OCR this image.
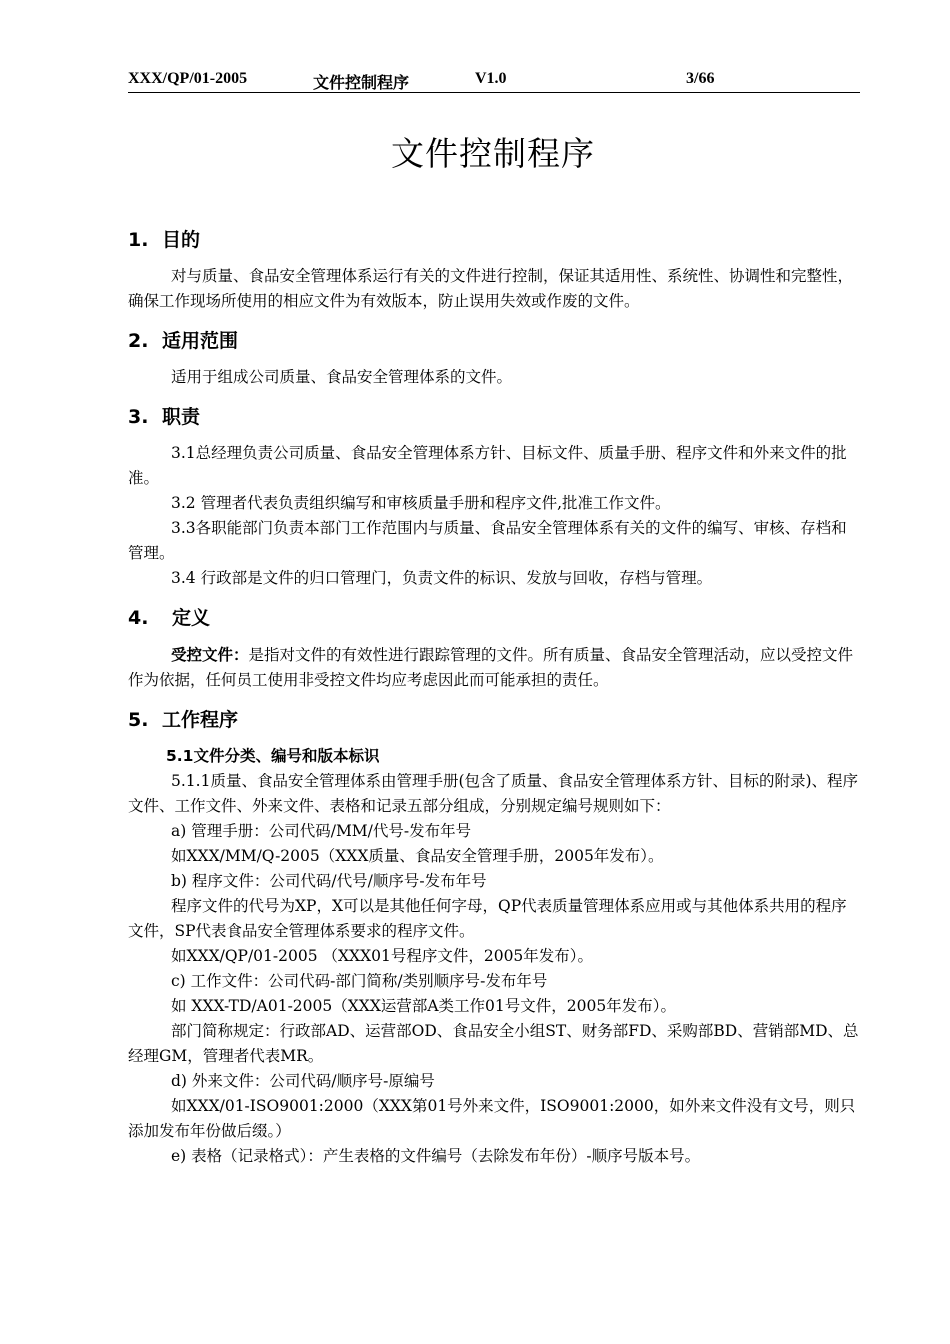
XXX/QP/01-2005	文件控制程序	V1.0	3/66
文件控制程序
1. 目的

对与质量、食品安全管理体系运行有关的文件进行控制，保证其适用性、系统性、协调性和完整性，确保工作现场所使用的相应文件为有效版本，防止误用失效或作废的文件。

2. 适用范围

适用于组成公司质量、食品安全管理体系的文件。

3. 职责

3.1总经理负责公司质量、食品安全管理体系方针、目标文件、质量手册、程序文件和外来文件的批准。

3.2 管理者代表负责组织编写和审核质量手册和程序文件,批准工作文件。

3.3各职能部门负责本部门工作范围内与质量、食品安全管理体系有关的文件的编写、审核、存档和管理。

3.4 行政部是文件的归口管理门，负责文件的标识、发放与回收，存档与管理。

4. 定义

受控文件：是指对文件的有效性进行跟踪管理的文件。所有质量、食品安全管理活动，应以受控文件作为依据，任何员工使用非受控文件均应考虑因此而可能承担的责任。

5. 工作程序
5.1文件分类、编号和版本标识

5.1.1质量、食品安全管理体系由管理手册(包含了质量、食品安全管理体系方针、目标的附录)、程序文件、工作文件、外来文件、表格和记录五部分组成，分别规定编号规则如下：

a) 管理手册：公司代码/MM/代号-发布年号

如XXX/MM/Q-2005（XXX质量、食品安全管理手册，2005年发布）。

b) 程序文件：公司代码/代号/顺序号-发布年号

程序文件的代号为XP，X可以是其他任何字母，QP代表质量管理体系应用或与其他体系共用的程序文件，SP代表食品安全管理体系要求的程序文件。

如XXX/QP/01-2005 （XXX01号程序文件，2005年发布）。

c) 工作文件：公司代码-部门简称/类别顺序号-发布年号

如 XXX-TD/A01-2005（XXX运营部A类工作01号文件，2005年发布）。

部门简称规定：行政部AD、运营部OD、食品安全小组ST、财务部FD、采购部BD、营销部MD、总经理GM，管理者代表MR。

d) 外来文件：公司代码/顺序号-原编号

如XXX/01-ISO9001:2000（XXX第01号外来文件，ISO9001:2000，如外来文件没有文号，则只添加发布年份做后缀。）

e) 表格（记录格式）：产生表格的文件编号（去除发布年份）-顺序号版本号。
